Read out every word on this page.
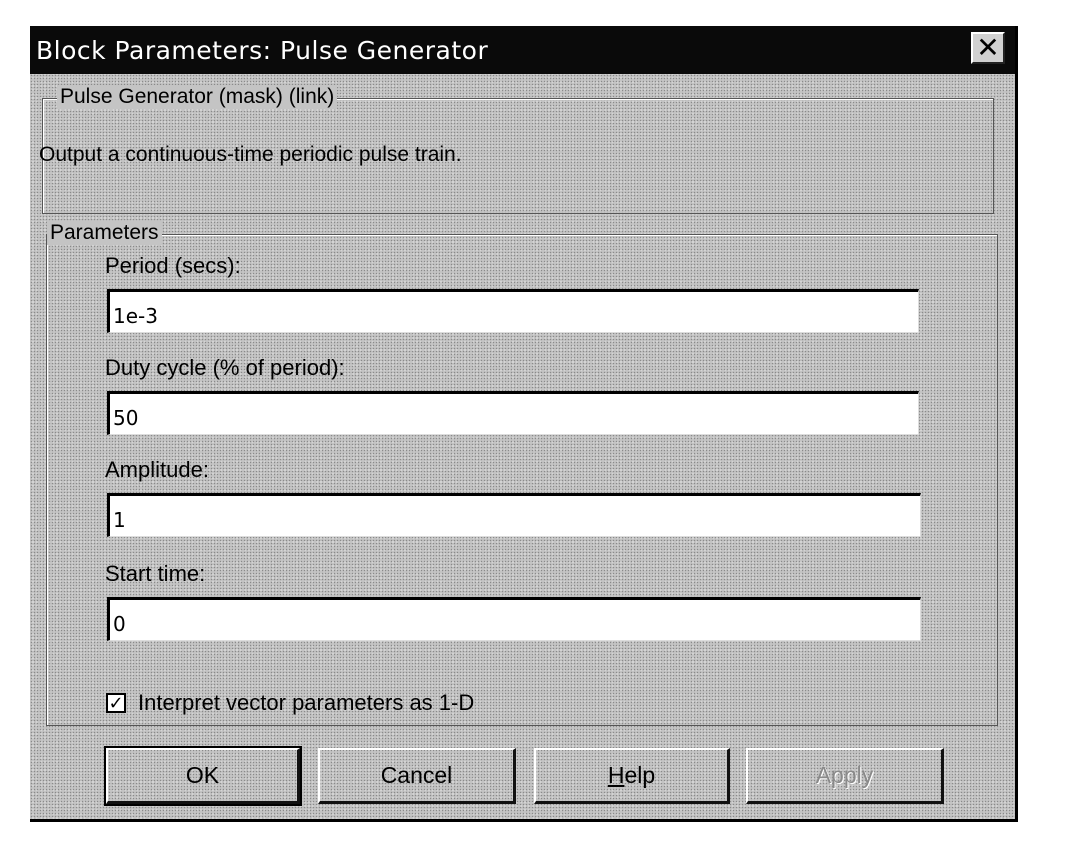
Block Parameters: Pulse Generator	✕
Pulse Generator (mask) (link)
Output a continuous-time periodic pulse train.
Parameters
Period (secs):
1e-3
Duty cycle (% of period):
50
Amplitude:
1
Start time:
0
✓ Interpret vector parameters as 1-D
OK	Cancel	Help	Apply
